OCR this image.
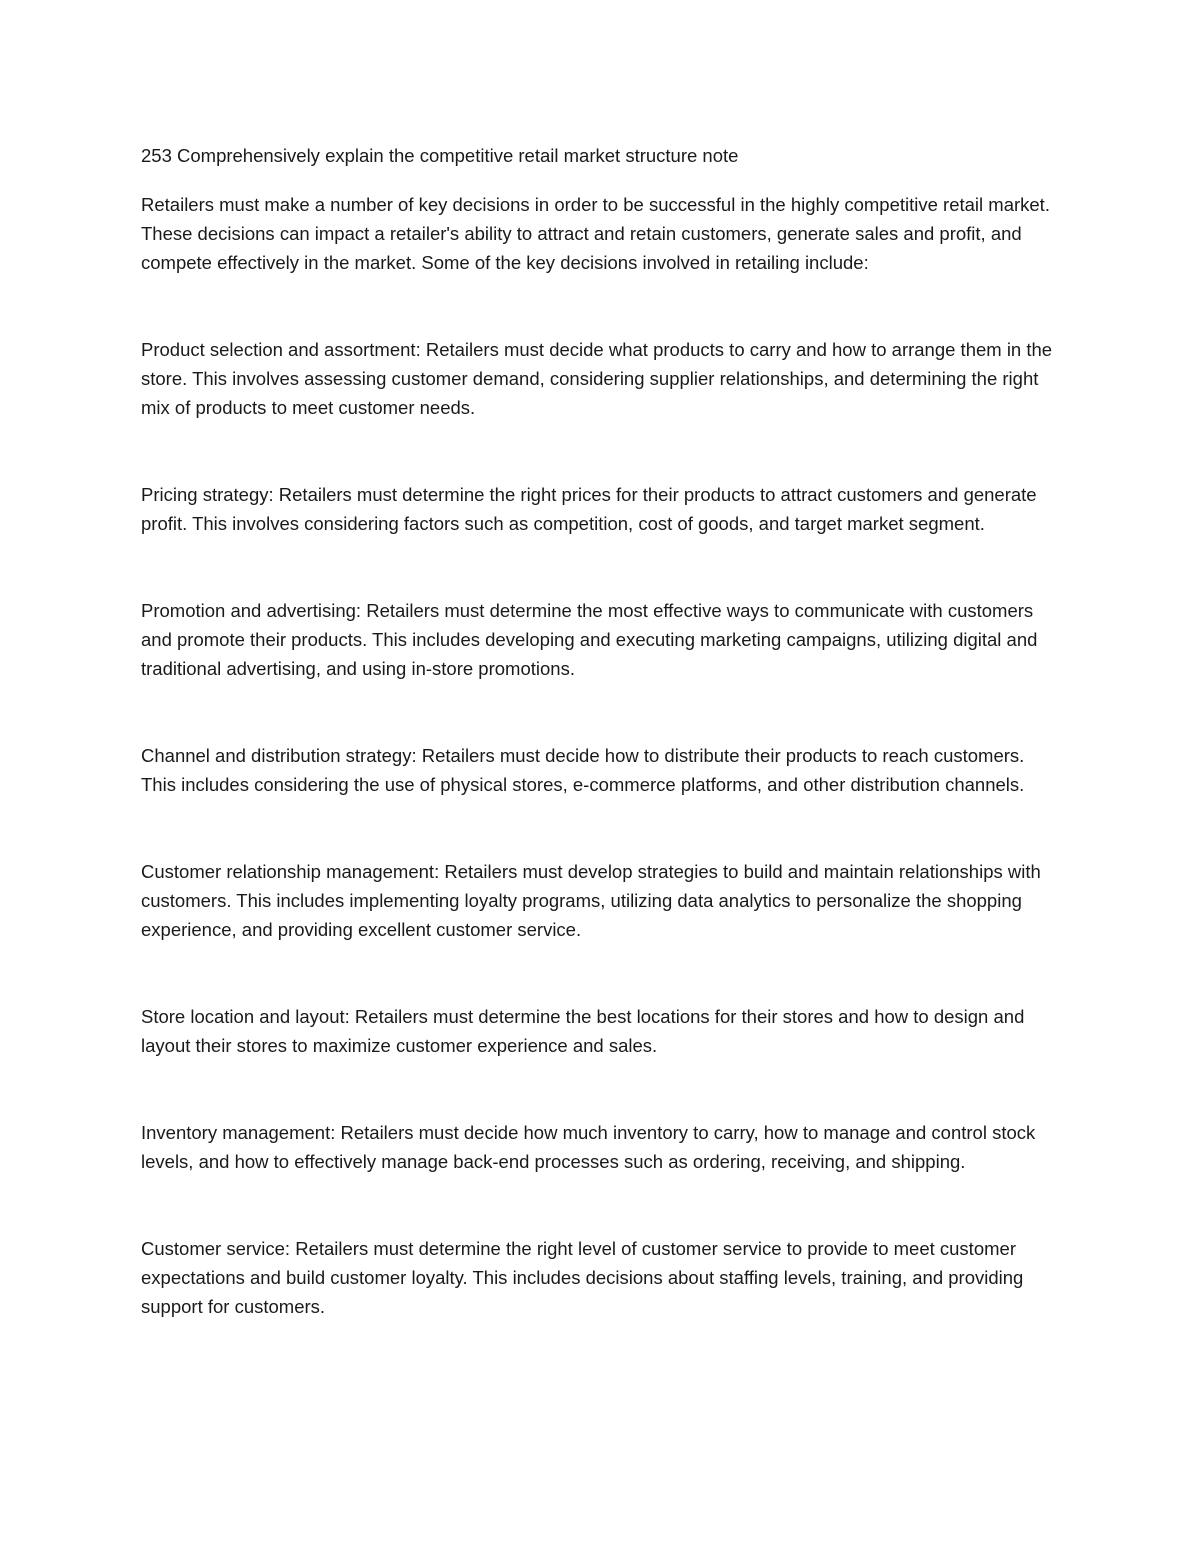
253 Comprehensively explain the competitive retail market structure note

Retailers must make a number of key decisions in order to be successful in the highly competitive retail market. These decisions can impact a retailer's ability to attract and retain customers, generate sales and profit, and compete effectively in the market. Some of the key decisions involved in retailing include:

Product selection and assortment: Retailers must decide what products to carry and how to arrange them in the store. This involves assessing customer demand, considering supplier relationships, and determining the right mix of products to meet customer needs.

Pricing strategy: Retailers must determine the right prices for their products to attract customers and generate profit. This involves considering factors such as competition, cost of goods, and target market segment.

Promotion and advertising: Retailers must determine the most effective ways to communicate with customers and promote their products. This includes developing and executing marketing campaigns, utilizing digital and traditional advertising, and using in-store promotions.

Channel and distribution strategy: Retailers must decide how to distribute their products to reach customers. This includes considering the use of physical stores, e-commerce platforms, and other distribution channels.

Customer relationship management: Retailers must develop strategies to build and maintain relationships with customers. This includes implementing loyalty programs, utilizing data analytics to personalize the shopping experience, and providing excellent customer service.

Store location and layout: Retailers must determine the best locations for their stores and how to design and layout their stores to maximize customer experience and sales.

Inventory management: Retailers must decide how much inventory to carry, how to manage and control stock levels, and how to effectively manage back-end processes such as ordering, receiving, and shipping.

Customer service: Retailers must determine the right level of customer service to provide to meet customer expectations and build customer loyalty. This includes decisions about staffing levels, training, and providing support for customers.
